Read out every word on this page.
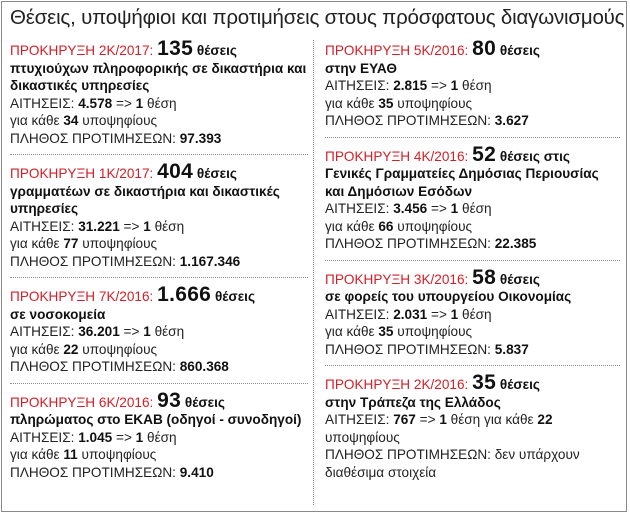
Θέσεις, υποψήφιοι και προτιμήσεις στους πρόσφατους διαγωνισμούς
ΠΡΟΚΗΡΥΞΗ 2Κ/2017: 135 θέσεις
πτυχιούχων πληροφορικής σε δικαστήρια και δικαστικές υπηρεσίες
ΑΙΤΗΣΕΙΣ: 4.578 => 1 θέση
για κάθε 34 υποψηφίους
ΠΛΗΘΟΣ ΠΡΟΤΙΜΗΣΕΩΝ: 97.393
ΠΡΟΚΗΡΥΞΗ 1Κ/2017: 404 θέσεις
γραμματέων σε δικαστήρια και δικαστικές υπηρεσίες
ΑΙΤΗΣΕΙΣ: 31.221 => 1 θέση
για κάθε 77 υποψηφίους
ΠΛΗΘΟΣ ΠΡΟΤΙΜΗΣΕΩΝ: 1.167.346
ΠΡΟΚΗΡΥΞΗ 7Κ/2016: 1.666 θέσεις
σε νοσοκομεία
ΑΙΤΗΣΕΙΣ: 36.201 => 1 θέση
για κάθε 22 υποψηφίους
ΠΛΗΘΟΣ ΠΡΟΤΙΜΗΣΕΩΝ: 860.368
ΠΡΟΚΗΡΥΞΗ 6Κ/2016: 93 θέσεις
πληρώματος στο ΕΚΑΒ (οδηγοί - συνοδηγοί)
ΑΙΤΗΣΕΙΣ: 1.045 => 1 θέση
για κάθε 11 υποψηφίους
ΠΛΗΘΟΣ ΠΡΟΤΙΜΗΣΕΩΝ: 9.410
ΠΡΟΚΗΡΥΞΗ 5Κ/2016: 80 θέσεις
στην ΕΥΑΘ
ΑΙΤΗΣΕΙΣ: 2.815 => 1 θέση
για κάθε 35 υποψηφίους
ΠΛΗΘΟΣ ΠΡΟΤΙΜΗΣΕΩΝ: 3.627
ΠΡΟΚΗΡΥΞΗ 4Κ/2016: 52 θέσεις στις
Γενικές Γραμματείες Δημόσιας Περιουσίας και Δημόσιων Εσόδων
ΑΙΤΗΣΕΙΣ: 3.456 => 1 θέση
για κάθε 66 υποψηφίους
ΠΛΗΘΟΣ ΠΡΟΤΙΜΗΣΕΩΝ: 22.385
ΠΡΟΚΗΡΥΞΗ 3Κ/2016: 58 θέσεις
σε φορείς του υπουργείου Οικονομίας
ΑΙΤΗΣΕΙΣ: 2.031 => 1 θέση
για κάθε 35 υποψηφίους
ΠΛΗΘΟΣ ΠΡΟΤΙΜΗΣΕΩΝ: 5.837
ΠΡΟΚΗΡΥΞΗ 2Κ/2016: 35 θέσεις
στην Τράπεζα της Ελλάδος
ΑΙΤΗΣΕΙΣ: 767 => 1 θέση για κάθε 22 υποψηφίους
ΠΛΗΘΟΣ ΠΡΟΤΙΜΗΣΕΩΝ: δεν υπάρχουν διαθέσιμα στοιχεία
